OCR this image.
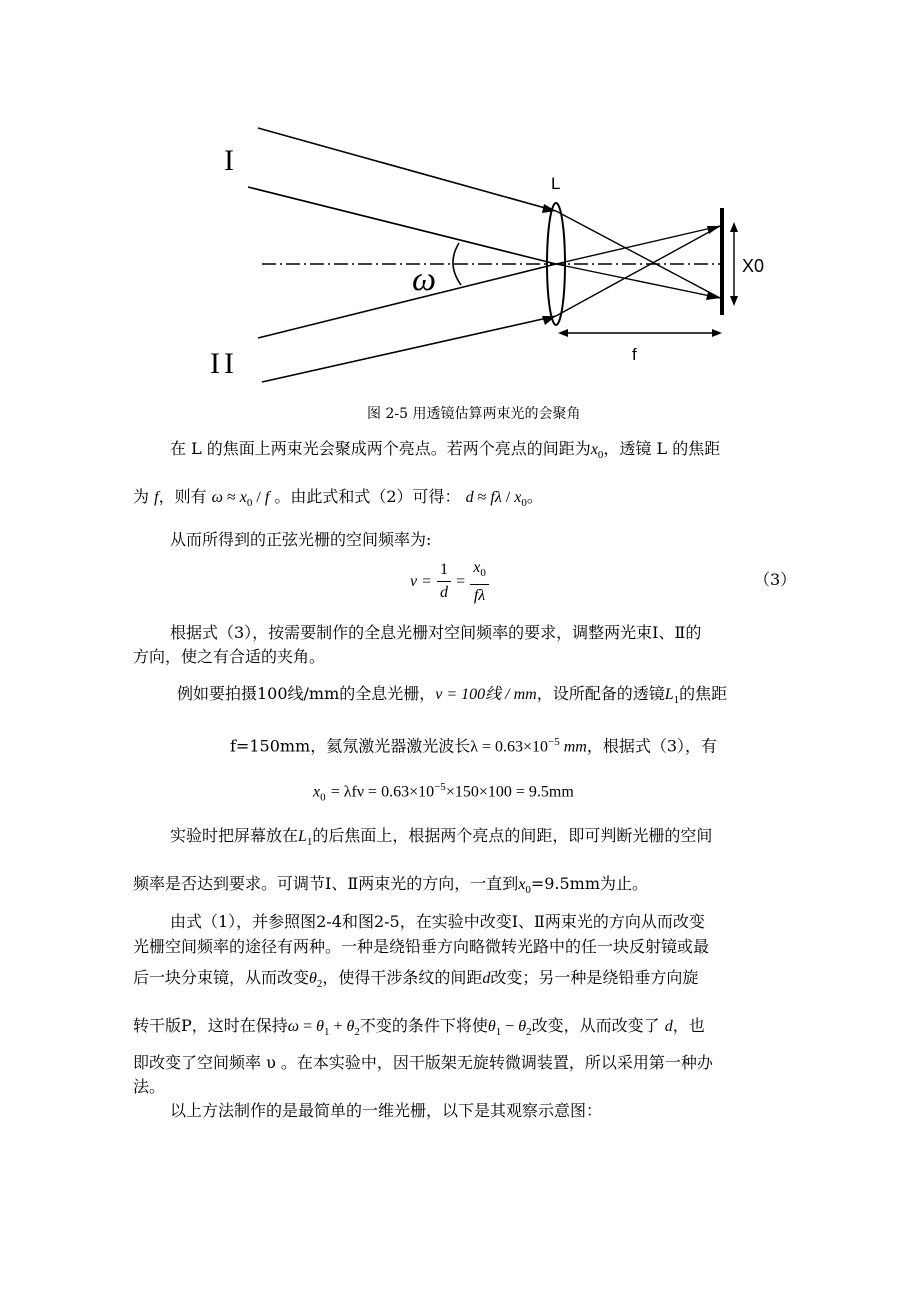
I
II
L
ω	X0
f
图 2-5 用透镜估算两束光的会聚角
在 L 的焦面上两束光会聚成两个亮点。若两个亮点的间距为$x_0$，透镜 L 的焦距
为 f，则有 $\omega \approx x_0 / f$ 。由此式和式（2）可得： $d \approx f\lambda / x_0$。
从而所得到的正弦光栅的空间频率为:
$\nu = \frac{1}{d} = \frac{x_0}{f\lambda}$	（3）
根据式（3），按需要制作的全息光栅对空间频率的要求，调整两光束Ⅰ、Ⅱ的
方向，使之有合适的夹角。
例如要拍摄100线/mm的全息光栅，ν = 100线 / mm，设所配备的透镜$L_1$的焦距
f=150mm，氦氖激光器激光波长$\lambda = 0.63\times 10^{-5}$ mm，根据式（3），有
$x_0 = \lambda f\nu = 0.63\times 10^{-5}\times 150\times 100 = 9.5mm$
实验时把屏幕放在$L_1$的后焦面上，根据两个亮点的间距，即可判断光栅的空间
频率是否达到要求。可调节Ⅰ、Ⅱ两束光的方向，一直到$x_0=9.5mm$为止。
由式（1），并参照图2-4和图2-5，在实验中改变Ⅰ、Ⅱ两束光的方向从而改变
光栅空间频率的途径有两种。一种是绕铅垂方向略微转光路中的任一块反射镜或最
后一块分束镜，从而改变$\theta_2$，使得干涉条纹的间距d改变；另一种是绕铅垂方向旋
转干版P，这时在保持$\omega = \theta_1 + \theta_2$不变的条件下将使$\theta_1 - \theta_2$改变，从而改变了 d，也
即改变了空间频率 υ 。在本实验中，因干版架无旋转微调装置，所以采用第一种办
法。
以上方法制作的是最简单的一维光栅，以下是其观察示意图：
